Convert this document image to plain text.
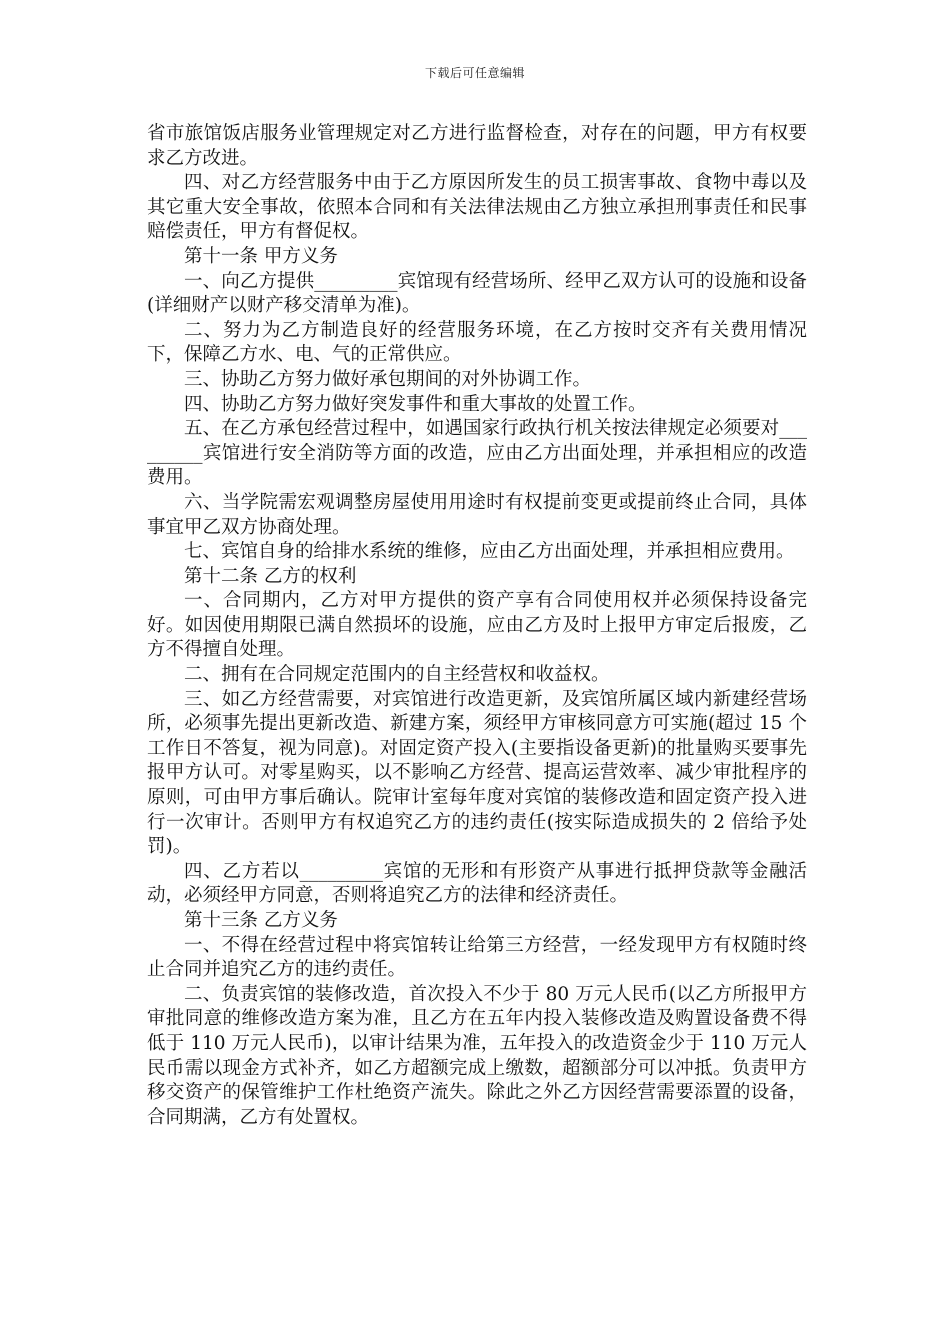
下载后可任意编辑

省市旅馆饭店服务业管理规定对乙方进行监督检查，对存在的问题，甲方有权要求乙方改进。

四、对乙方经营服务中由于乙方原因所发生的员工损害事故、食物中毒以及其它重大安全事故，依照本合同和有关法律法规由乙方独立承担刑事责任和民事赔偿责任，甲方有督促权。

第十一条 甲方义务

一、向乙方提供_________宾馆现有经营场所、经甲乙双方认可的设施和设备(详细财产以财产移交清单为准)。

二、努力为乙方制造良好的经营服务环境，在乙方按时交齐有关费用情况下，保障乙方水、电、气的正常供应。

三、协助乙方努力做好承包期间的对外协调工作。

四、协助乙方努力做好突发事件和重大事故的处置工作。

五、在乙方承包经营过程中，如遇国家行政执行机关按法律规定必须要对_________宾馆进行安全消防等方面的改造，应由乙方出面处理，并承担相应的改造费用。

六、当学院需宏观调整房屋使用用途时有权提前变更或提前终止合同，具体事宜甲乙双方协商处理。

七、宾馆自身的给排水系统的维修，应由乙方出面处理，并承担相应费用。

第十二条 乙方的权利

一、合同期内，乙方对甲方提供的资产享有合同使用权并必须保持设备完好。如因使用期限已满自然损坏的设施，应由乙方及时上报甲方审定后报废，乙方不得擅自处理。

二、拥有在合同规定范围内的自主经营权和收益权。

三、如乙方经营需要，对宾馆进行改造更新，及宾馆所属区域内新建经营场所，必须事先提出更新改造、新建方案，须经甲方审核同意方可实施(超过 15 个工作日不答复，视为同意)。对固定资产投入(主要指设备更新)的批量购买要事先报甲方认可。对零星购买，以不影响乙方经营、提高运营效率、减少审批程序的原则，可由甲方事后确认。院审计室每年度对宾馆的装修改造和固定资产投入进行一次审计。否则甲方有权追究乙方的违约责任(按实际造成损失的 2 倍给予处罚)。

四、乙方若以_________宾馆的无形和有形资产从事进行抵押贷款等金融活动，必须经甲方同意，否则将追究乙方的法律和经济责任。

第十三条 乙方义务

一、不得在经营过程中将宾馆转让给第三方经营，一经发现甲方有权随时终止合同并追究乙方的违约责任。

二、负责宾馆的装修改造，首次投入不少于 80 万元人民币(以乙方所报甲方审批同意的维修改造方案为准，且乙方在五年内投入装修改造及购置设备费不得低于 110 万元人民币)，以审计结果为准，五年投入的改造资金少于 110 万元人民币需以现金方式补齐，如乙方超额完成上缴数，超额部分可以冲抵。负责甲方移交资产的保管维护工作杜绝资产流失。除此之外乙方因经营需要添置的设备，合同期满，乙方有处置权。
